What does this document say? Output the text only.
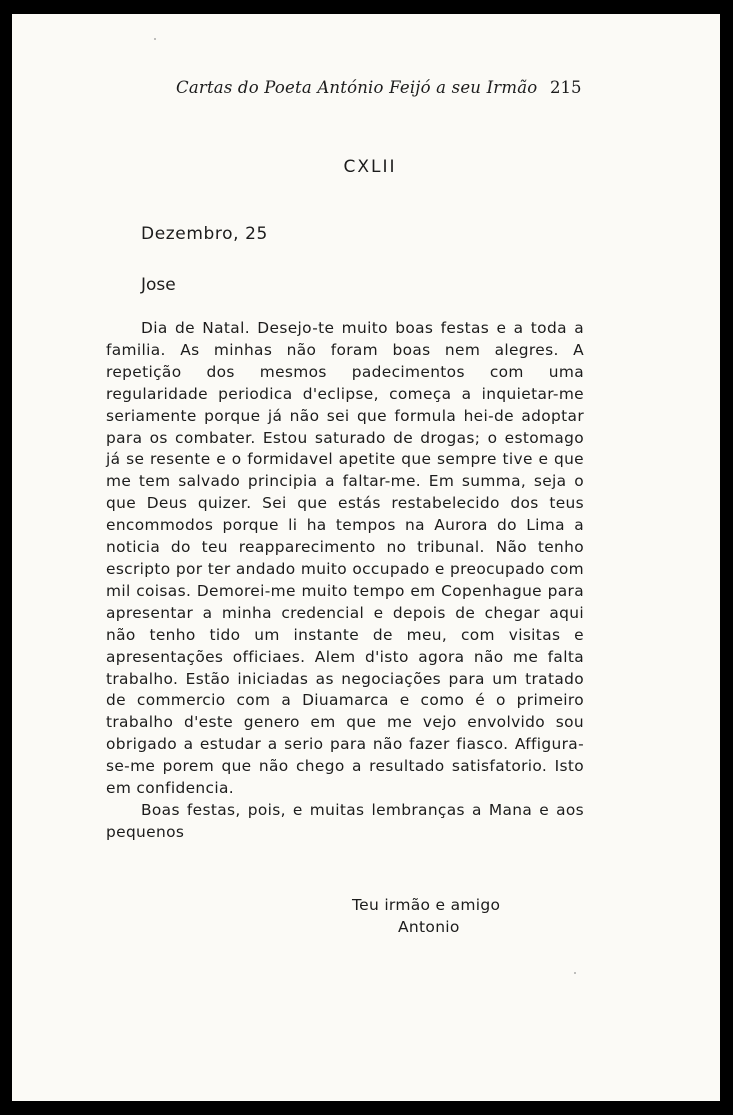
Cartas do Poeta António Feijó a seu Irmão 215
CXLII
Dezembro, 25
Jose

Dia de Natal. Desejo-te muito boas festas e a toda a familia. As minhas não foram boas nem alegres. A repetição dos mesmos padecimentos com uma regularidade periodica d'eclipse, começa a inquietar-me seriamente porque já não sei que formula hei-de adoptar para os combater. Estou saturado de drogas; o estomago já se resente e o formidavel apetite que sempre tive e que me tem salvado principia a faltar-me. Em summa, seja o que Deus quizer. Sei que estás restabelecido dos teus encommodos porque li ha tempos na Aurora do Lima a noticia do teu reapparecimento no tribunal. Não tenho escripto por ter andado muito occupado e preocupado com mil coisas. Demorei-me muito tempo em Copenhague para apresentar a minha credencial e depois de chegar aqui não tenho tido um instante de meu, com visitas e apresentações officiaes. Alem d'isto agora não me falta trabalho. Estão iniciadas as negociações para um tratado de commercio com a Diuamarca e como é o primeiro trabalho d'este genero em que me vejo envolvido sou obrigado a estudar a serio para não fazer fiasco. Affigura-se-me porem que não chego a resultado satisfatorio. Isto em confidencia.

Boas festas, pois, e muitas lembranças a Mana e aos pequenos

Teu irmão e amigo
Antonio
